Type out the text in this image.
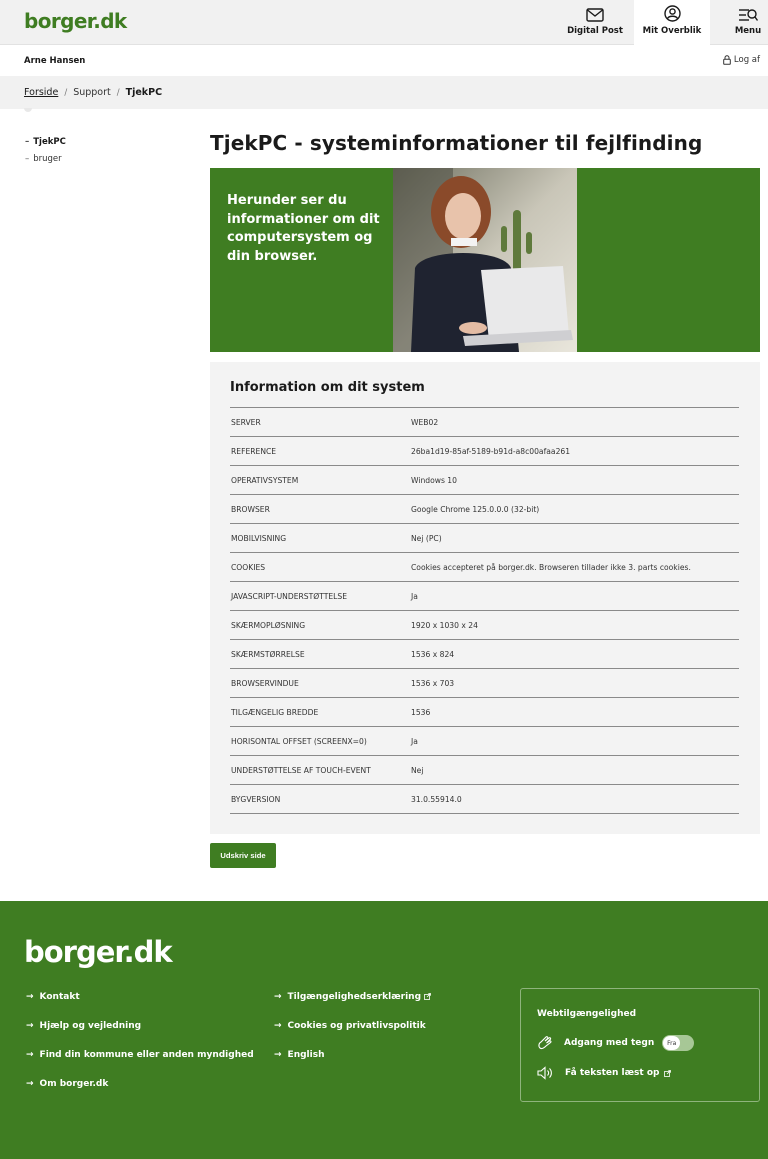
borger.dk	Digital Post Mit Overblik	Menu
Arne Hansen	Log af
Forside / Support / TjekPC
– TjekPC
– bruger
TjekPC - systeminformationer til fejlfinding
Herunder ser du informationer om dit computersystem og din browser.
Information om dit system
SERVER	WEB02
REFERENCE	26ba1d19-85af-5189-b91d-a8c00afaa261
OPERATIVSYSTEM	Windows 10
BROWSER	Google Chrome 125.0.0.0 (32-bit)
MOBILVISNING	Nej (PC)
COOKIES	Cookies accepteret på borger.dk. Browseren tillader ikke 3. parts cookies.
JAVASCRIPT-UNDERSTØTTELSE	Ja
SKÆRMOPLØSNING	1920 x 1030 x 24
SKÆRMSTØRRELSE	1536 x 824
BROWSERVINDUE	1536 x 703
TILGÆNGELIG BREDDE	1536
HORISONTAL OFFSET (SCREENX=0)	Ja
UNDERSTØTTELSE AF TOUCH-EVENT	Nej
BYGVERSION	31.0.55914.0
Udskriv side
borger.dk
→ Kontakt
→ Hjælp og vejledning
→ Find din kommune eller anden myndighed
→ Om borger.dk
→ Tilgængelighedserklæring
→ Cookies og privatlivspolitik
→ English
Webtilgængelighed
Adgang med tegn	Fra
Få teksten læst op
